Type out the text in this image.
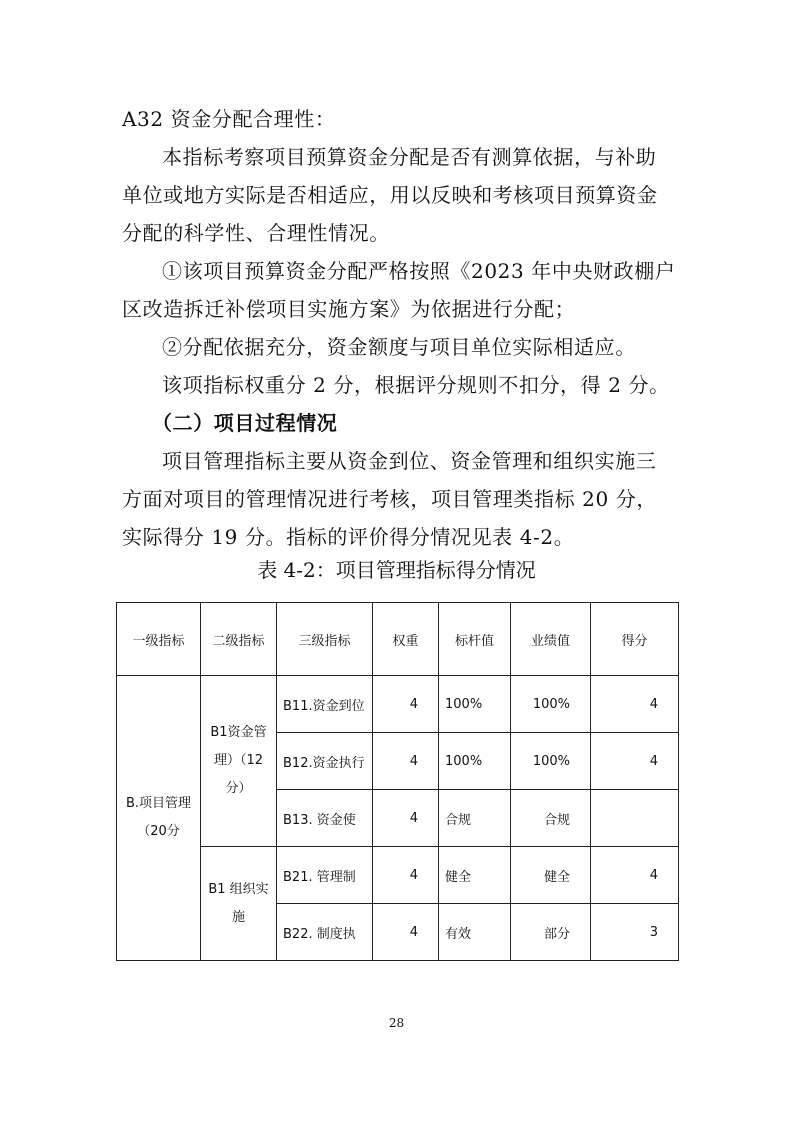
A32 资金分配合理性：

本指标考察项目预算资金分配是否有测算依据，与补助

单位或地方实际是否相适应，用以反映和考核项目预算资金

分配的科学性、合理性情况。

①该项目预算资金分配严格按照《2023 年中央财政棚户

区改造拆迁补偿项目实施方案》为依据进行分配；

②分配依据充分，资金额度与项目单位实际相适应。

该项指标权重分 2 分，根据评分规则不扣分，得 2 分。

（二）项目过程情况

项目管理指标主要从资金到位、资金管理和组织实施三

方面对项目的管理情况进行考核，项目管理类指标 20 分，

实际得分 19 分。指标的评价得分情况见表 4-2。

表 4-2：项目管理指标得分情况
一级指标	二级指标	三级指标	权重	标杆值	业绩值	得分
B.项目管理（20分	B1资金管理）（12分）	B11.资金到位	4	100%	100%	4
		B12.资金执行	4	100%	100%	4
		B13. 资金使	4	合规	合规	
	B1 组织实施	B21. 管理制	4	健全	健全	4
		B22. 制度执	4	有效	部分	3
28
